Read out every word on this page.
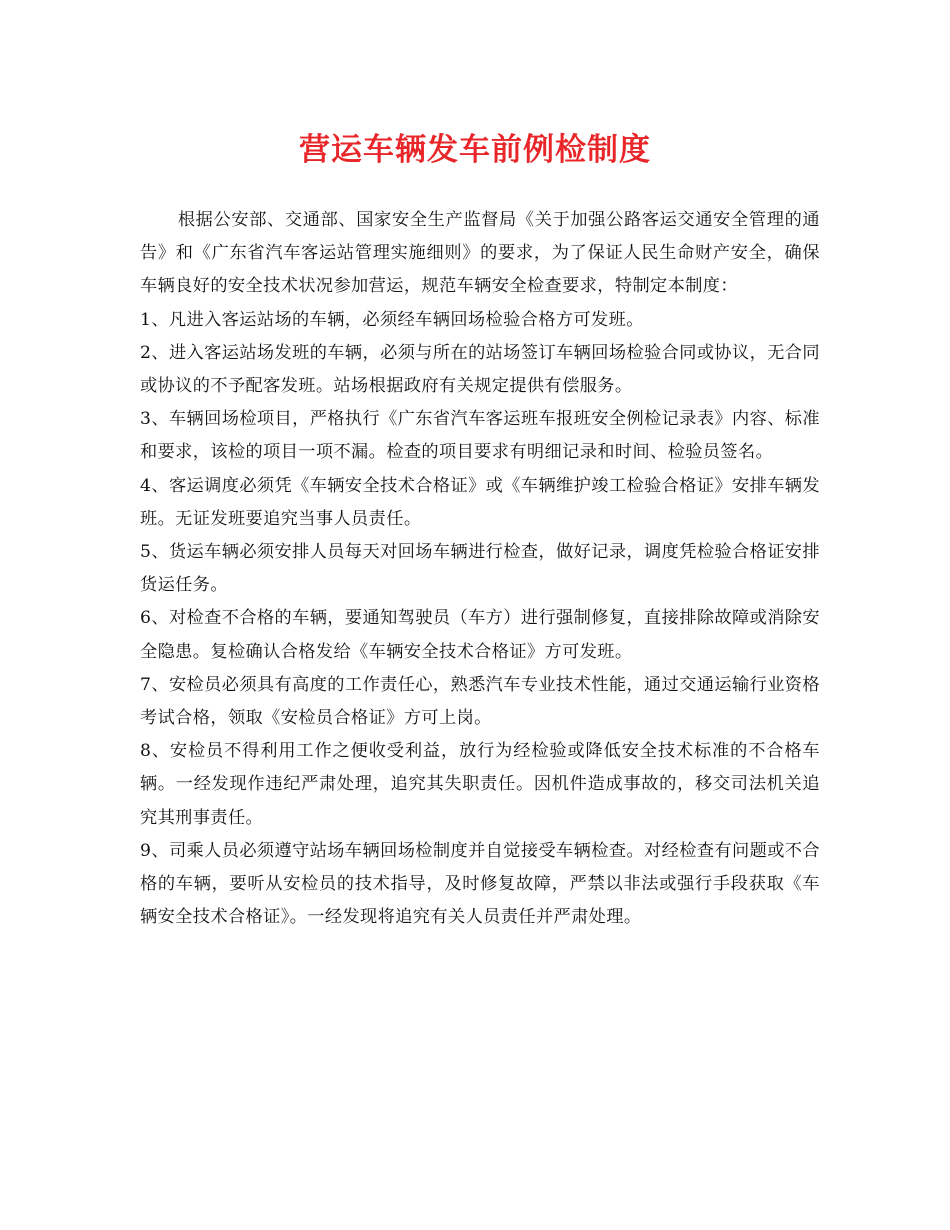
营运车辆发车前例检制度

根据公安部、交通部、国家安全生产监督局《关于加强公路客运交通安全管理的通告》和《广东省汽车客运站管理实施细则》的要求，为了保证人民生命财产安全，确保车辆良好的安全技术状况参加营运，规范车辆安全检查要求，特制定本制度：

1、凡进入客运站场的车辆，必须经车辆回场检验合格方可发班。

2、进入客运站场发班的车辆，必须与所在的站场签订车辆回场检验合同或协议，无合同或协议的不予配客发班。站场根据政府有关规定提供有偿服务。

3、车辆回场检项目，严格执行《广东省汽车客运班车报班安全例检记录表》内容、标准和要求，该检的项目一项不漏。检查的项目要求有明细记录和时间、检验员签名。

4、客运调度必须凭《车辆安全技术合格证》或《车辆维护竣工检验合格证》安排车辆发班。无证发班要追究当事人员责任。

5、货运车辆必须安排人员每天对回场车辆进行检查，做好记录，调度凭检验合格证安排货运任务。

6、对检查不合格的车辆，要通知驾驶员（车方）进行强制修复，直接排除故障或消除安全隐患。复检确认合格发给《车辆安全技术合格证》方可发班。

7、安检员必须具有高度的工作责任心，熟悉汽车专业技术性能，通过交通运输行业资格考试合格，领取《安检员合格证》方可上岗。

8、安检员不得利用工作之便收受利益，放行为经检验或降低安全技术标准的不合格车辆。一经发现作违纪严肃处理，追究其失职责任。因机件造成事故的，移交司法机关追究其刑事责任。

9、司乘人员必须遵守站场车辆回场检制度并自觉接受车辆检查。对经检查有问题或不合格的车辆，要听从安检员的技术指导，及时修复故障，严禁以非法或强行手段获取《车辆安全技术合格证》。一经发现将追究有关人员责任并严肃处理。
